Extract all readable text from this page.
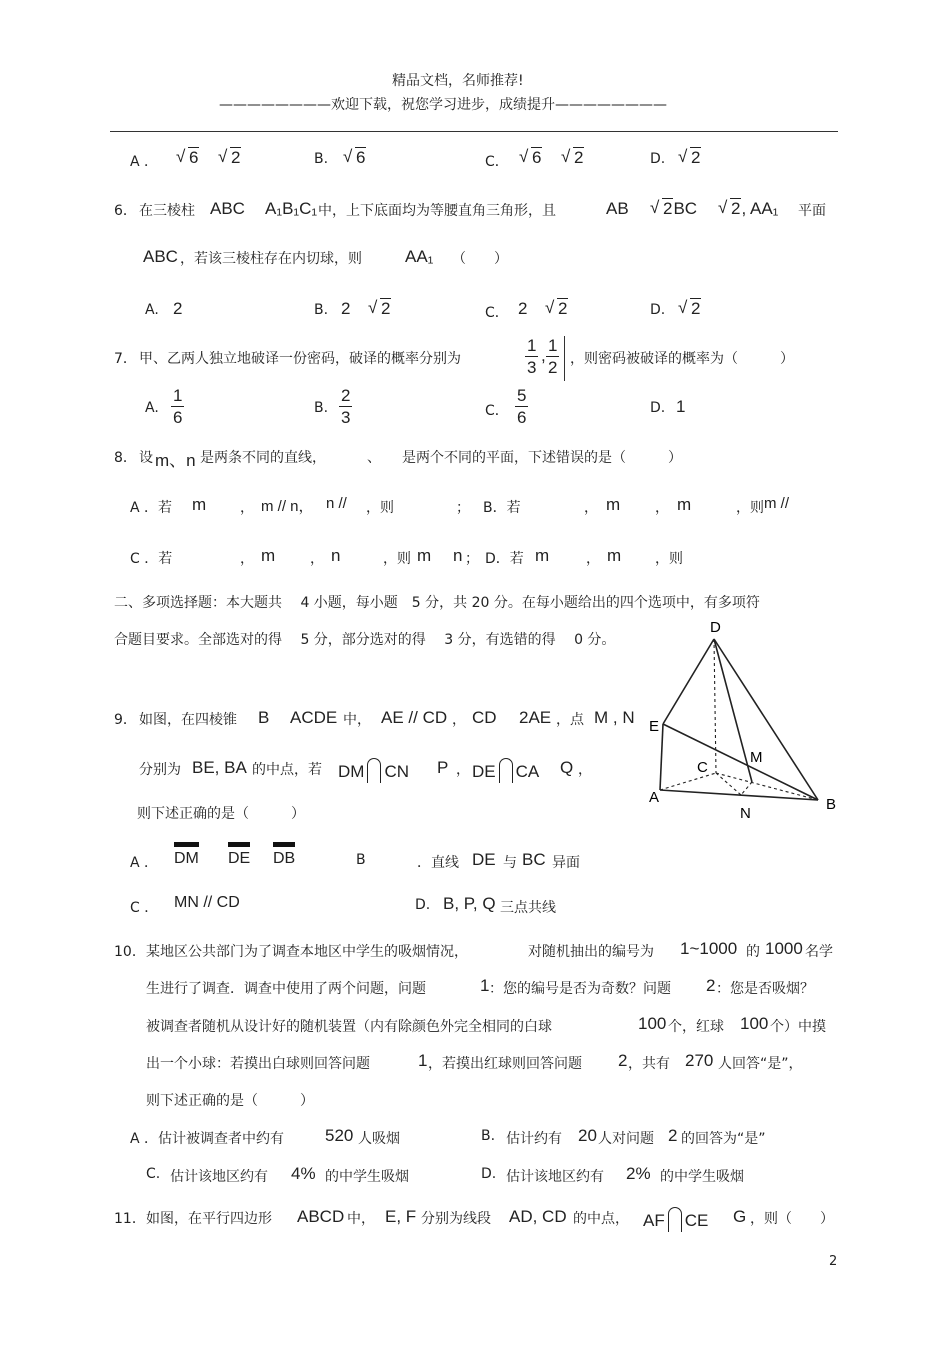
精品文档，名师推荐!
————————欢迎下载，祝您学习进步，成绩提升————————
A ．	√ 6	√ 2	B.	√ 6	C．	√ 6	√ 2	D.	√ 2
6． 在三棱柱 ABC A₁B₁C₁ 中，上下底面均为等腰直角三角形，且	AB	√ 2BC	√ 2, AA₁ 平面
ABC ，若该三棱柱存在内切球，则	AA₁ （　　）
A. 2	B. 2	√ 2	C． 2	√ 2	D.	√ 2
7． 甲、乙两人独立地破译一份密码，破译的概率分别为	$\frac{1}{3}$ , $\frac{1}{2}$ ，则密码被破译的概率为（　　　）
A. $\frac{1}{6}$	B. $\frac{2}{3}$	C． $\frac{5}{6}$	D. 1
8． 设 m、n 是两条不同的直线，	、 是两个不同的平面，下述错误的是（　　　）
A ．若 m ， m // n， n // ，则	； B．若	， m ， m	，则 m //
C ．若	， m ， n	，则 m n ； D．若 m	， m ，则
二、多项选择题：本大题共　 4 小题，每小题　5 分，共 20 分。在每小题给出的四个选项中，有多项符
合题目要求。全部选对的得　 5 分，部分选对的得　 3 分，有选错的得　 0 分。
D
E
M
C
A
N
B
9． 如图，在四棱锥 B ACDE 中， AE // CD ， CD 2AE ，点 M , N
分别为 BE, BA 的中点，若 DM CN P ， DE CA Q ，
则下述正确的是（　　　）
A ． DM DE DB	B	．直线 DE 与 BC 异面
C ． MN // CD	D. B, P, Q 三点共线
10． 某地区公共部门为了调查本地区中学生的吸烟情况，	对随机抽出的编号为 1~1000 的 1000 名学
生进行了调查．调查中使用了两个问题，问题	1 ：您的编号是否为奇数？问题 2 ：您是否吸烟？
被调查者随机从设计好的随机装置（内有除颜色外完全相同的白球	100 个，红球 100 个）中摸
出一个小球：若摸出白球则回答问题	1 ，若摸出红球则回答问题 2 ，共有 270 人回答“是”，
则下述正确的是（　　　）
A ．估计被调查者中约有 520 人吸烟	B. 估计约有 20 人对问题 2 的回答为“是”
C. 估计该地区约有 4% 的中学生吸烟	D. 估计该地区约有 2% 的中学生吸烟
11． 如图，在平行四边形 ABCD 中， E, F 分别为线段 AD, CD 的中点， AF CE G ，则（　　）
2
